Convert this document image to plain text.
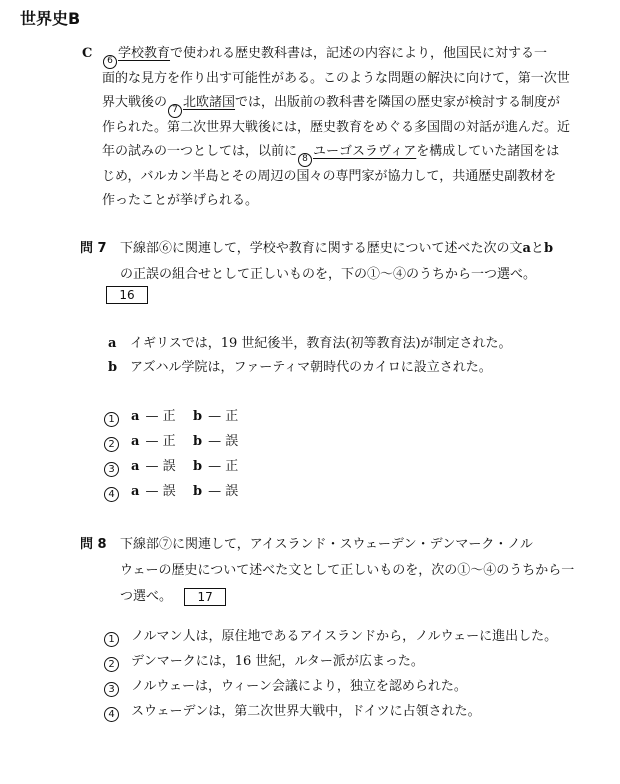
世界史B
C	6 学校教育で使われる歴史教科書は，記述の内容により，他国民に対する一
面的な見方を作り出す可能性がある。このような問題の解決に向けて，第一次世
界大戦後の 7 北欧諸国では，出版前の教科書を隣国の歴史家が検討する制度が
作られた。第二次世界大戦後には，歴史教育をめぐる多国間の対話が進んだ。近
年の試みの一つとしては，以前に 8 ユーゴスラヴィアを構成していた諸国をは
じめ，バルカン半島とその周辺の国々の専門家が協力して，共通歴史副教材を
作ったことが挙げられる。
問 7	下線部⑥に関連して，学校や教育に関する歴史について述べた次の文aとb
の正誤の組合せとして正しいものを，下の①〜④のうちから一つ選べ。
16
a イギリスでは，19 世紀後半，教育法(初等教育法)が制定された。
b アズハル学院は，ファーティマ朝時代のカイロに設立された。
1 a — 正 b — 正
2 a — 正 b — 誤
3 a — 誤 b — 正
4 a — 誤 b — 誤
問 8	下線部⑦に関連して，アイスランド・スウェーデン・デンマーク・ノル
ウェーの歴史について述べた文として正しいものを，次の①〜④のうちから一
つ選べ。 17
1 ノルマン人は，原住地であるアイスランドから，ノルウェーに進出した。
2 デンマークには，16 世紀，ルター派が広まった。
3 ノルウェーは，ウィーン会議により，独立を認められた。
4 スウェーデンは，第二次世界大戦中，ドイツに占領された。
